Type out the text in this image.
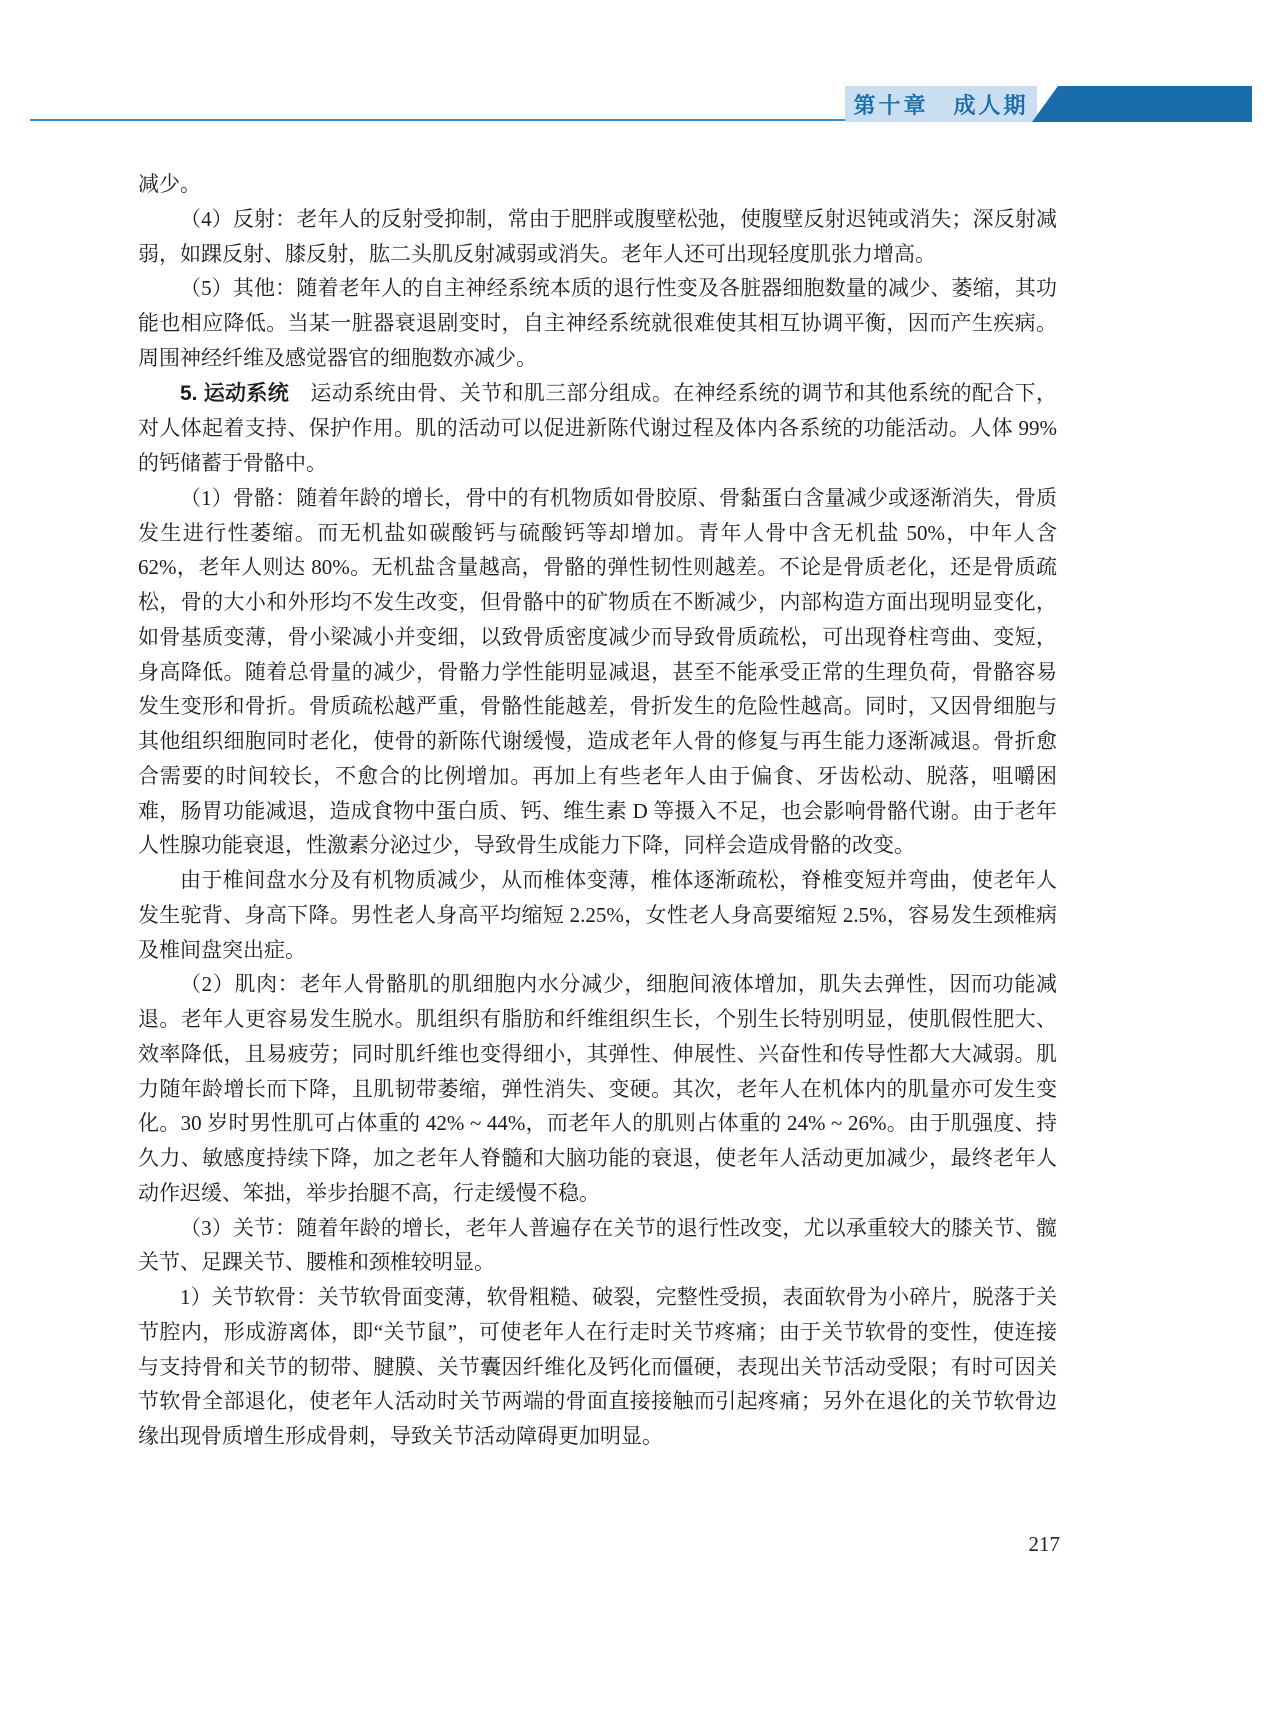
第十章　成人期

减少。

（4）反射：老年人的反射受抑制，常由于肥胖或腹壁松弛，使腹壁反射迟钝或消失；深反射减弱，如踝反射、膝反射，肱二头肌反射减弱或消失。老年人还可出现轻度肌张力增高。

（5）其他：随着老年人的自主神经系统本质的退行性变及各脏器细胞数量的减少、萎缩，其功能也相应降低。当某一脏器衰退剧变时，自主神经系统就很难使其相互协调平衡，因而产生疾病。周围神经纤维及感觉器官的细胞数亦减少。

5. 运动系统　运动系统由骨、关节和肌三部分组成。在神经系统的调节和其他系统的配合下，对人体起着支持、保护作用。肌的活动可以促进新陈代谢过程及体内各系统的功能活动。人体 99% 的钙储蓄于骨骼中。

（1）骨骼：随着年龄的增长，骨中的有机物质如骨胶原、骨黏蛋白含量减少或逐渐消失，骨质发生进行性萎缩。而无机盐如碳酸钙与硫酸钙等却增加。青年人骨中含无机盐 50%，中年人含 62%，老年人则达 80%。无机盐含量越高，骨骼的弹性韧性则越差。不论是骨质老化，还是骨质疏松，骨的大小和外形均不发生改变，但骨骼中的矿物质在不断减少，内部构造方面出现明显变化，如骨基质变薄，骨小梁减小并变细，以致骨质密度减少而导致骨质疏松，可出现脊柱弯曲、变短，身高降低。随着总骨量的减少，骨骼力学性能明显减退，甚至不能承受正常的生理负荷，骨骼容易发生变形和骨折。骨质疏松越严重，骨骼性能越差，骨折发生的危险性越高。同时，又因骨细胞与其他组织细胞同时老化，使骨的新陈代谢缓慢，造成老年人骨的修复与再生能力逐渐减退。骨折愈合需要的时间较长，不愈合的比例增加。再加上有些老年人由于偏食、牙齿松动、脱落，咀嚼困难，肠胃功能减退，造成食物中蛋白质、钙、维生素 D 等摄入不足，也会影响骨骼代谢。由于老年人性腺功能衰退，性激素分泌过少，导致骨生成能力下降，同样会造成骨骼的改变。

由于椎间盘水分及有机物质减少，从而椎体变薄，椎体逐渐疏松，脊椎变短并弯曲，使老年人发生驼背、身高下降。男性老人身高平均缩短 2.25%，女性老人身高要缩短 2.5%，容易发生颈椎病及椎间盘突出症。

（2）肌肉：老年人骨骼肌的肌细胞内水分减少，细胞间液体增加，肌失去弹性，因而功能减退。老年人更容易发生脱水。肌组织有脂肪和纤维组织生长，个别生长特别明显，使肌假性肥大、效率降低，且易疲劳；同时肌纤维也变得细小，其弹性、伸展性、兴奋性和传导性都大大减弱。肌力随年龄增长而下降，且肌韧带萎缩，弹性消失、变硬。其次，老年人在机体内的肌量亦可发生变化。30 岁时男性肌可占体重的 42% ~ 44%，而老年人的肌则占体重的 24% ~ 26%。由于肌强度、持久力、敏感度持续下降，加之老年人脊髓和大脑功能的衰退，使老年人活动更加减少，最终老年人动作迟缓、笨拙，举步抬腿不高，行走缓慢不稳。

（3）关节：随着年龄的增长，老年人普遍存在关节的退行性改变，尤以承重较大的膝关节、髋关节、足踝关节、腰椎和颈椎较明显。

1）关节软骨：关节软骨面变薄，软骨粗糙、破裂，完整性受损，表面软骨为小碎片，脱落于关节腔内，形成游离体，即“关节鼠”，可使老年人在行走时关节疼痛；由于关节软骨的变性，使连接与支持骨和关节的韧带、腱膜、关节囊因纤维化及钙化而僵硬，表现出关节活动受限；有时可因关节软骨全部退化，使老年人活动时关节两端的骨面直接接触而引起疼痛；另外在退化的关节软骨边缘出现骨质增生形成骨刺，导致关节活动障碍更加明显。

217
